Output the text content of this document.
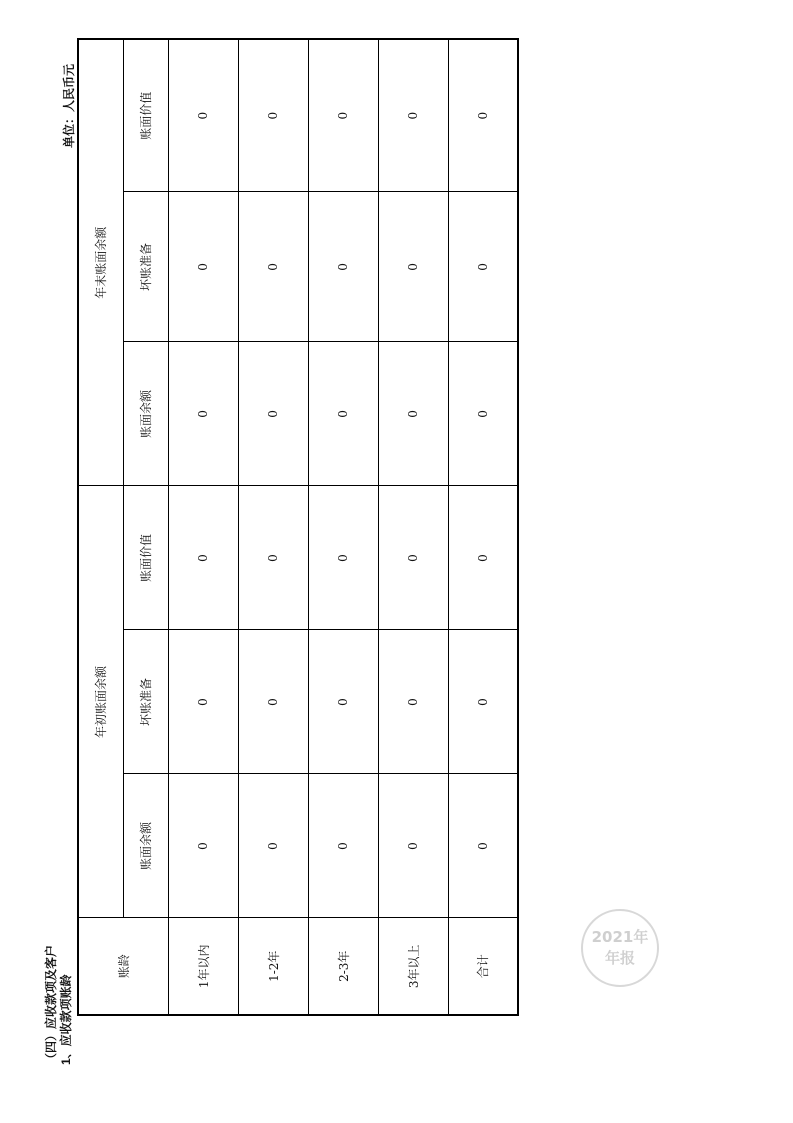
（四）应收款项及客户 1、应收款项账龄
单位：人民币元
账龄	年初账面余额			年末账面余额		
	账面余额	坏账准备	账面价值	账面余额	坏账准备	账面价值
1年以内	0	0	0	0	0	0
1-2年	0	0	0	0	0	0
2-3年	0	0	0	0	0	0
3年以上	0	0	0	0	0	0
合计	0	0	0	0	0	0
2021年
年报
